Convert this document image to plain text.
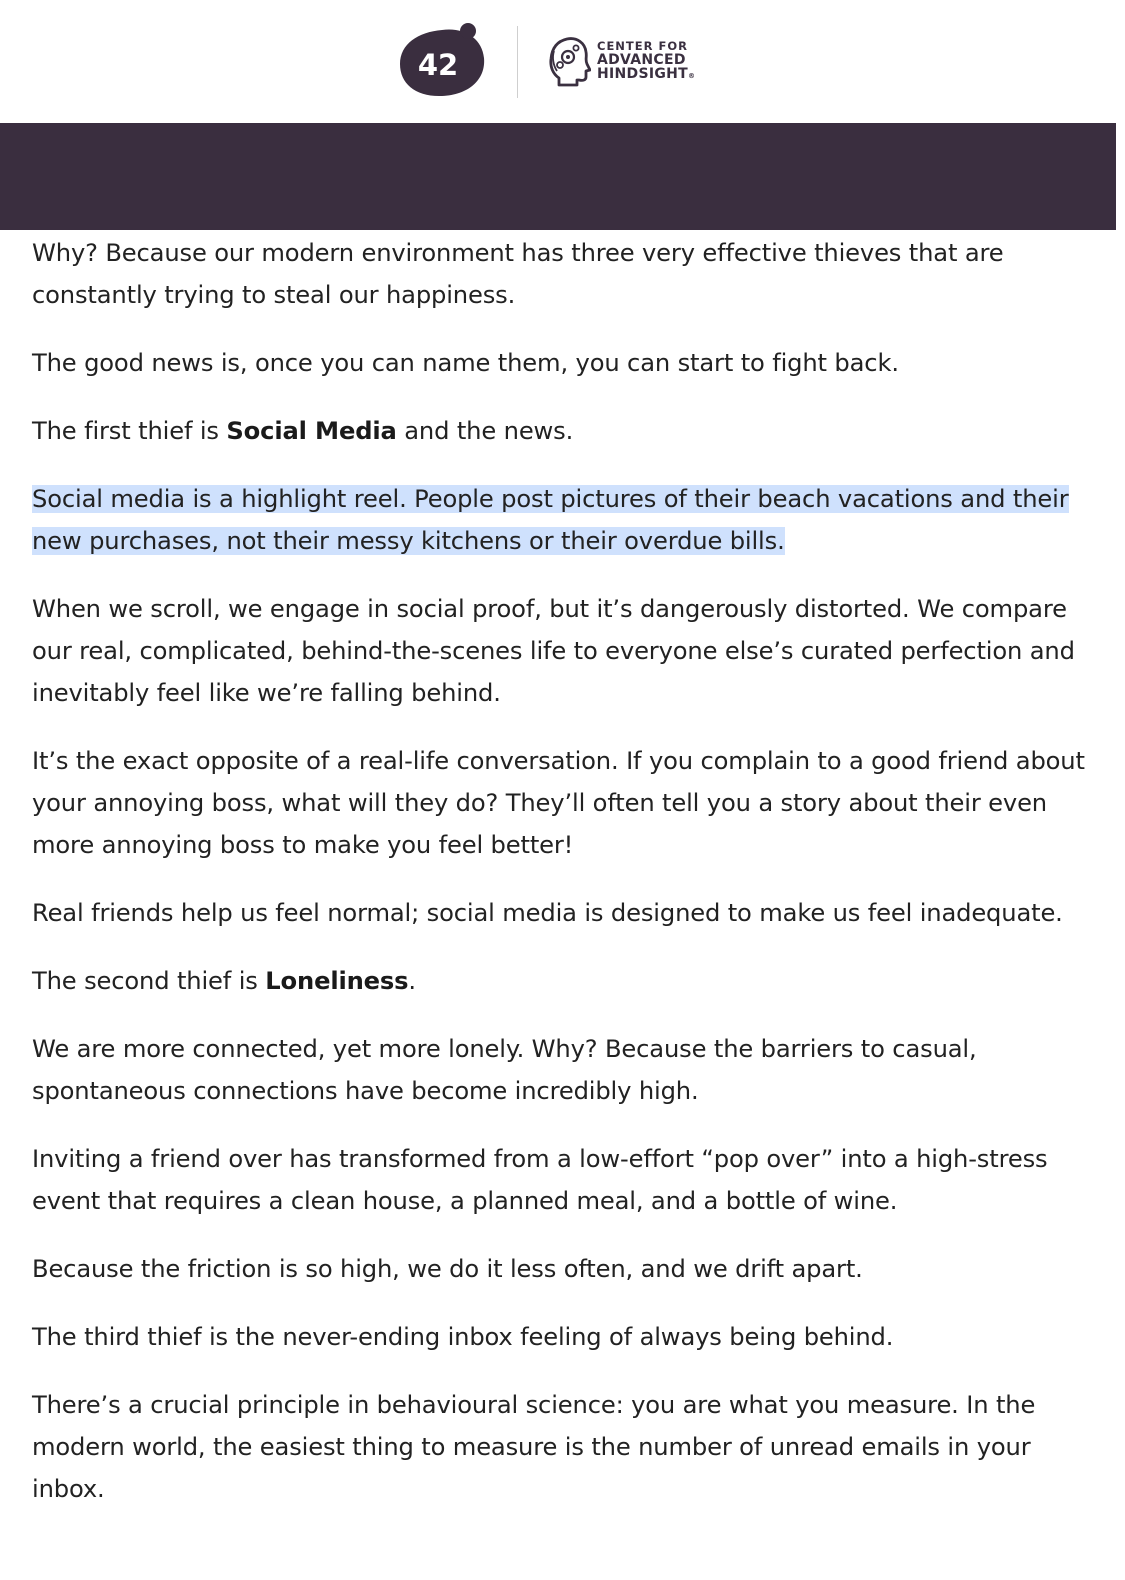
42
CENTER FOR
ADVANCED
HINDSIGHT®

Why? Because our modern environment has three very effective thieves that are constantly trying to steal our happiness.

The good news is, once you can name them, you can start to fight back.

The first thief is Social Media and the news.

Social media is a highlight reel. People post pictures of their beach vacations and their new purchases, not their messy kitchens or their overdue bills.

When we scroll, we engage in social proof, but it’s dangerously distorted. We compare our real, complicated, behind-the-scenes life to everyone else’s curated perfection and inevitably feel like we’re falling behind.

It’s the exact opposite of a real-life conversation. If you complain to a good friend about your annoying boss, what will they do? They’ll often tell you a story about their even more annoying boss to make you feel better!

Real friends help us feel normal; social media is designed to make us feel inadequate.

The second thief is Loneliness.

We are more connected, yet more lonely. Why? Because the barriers to casual, spontaneous connections have become incredibly high.

Inviting a friend over has transformed from a low-effort “pop over” into a high-stress event that requires a clean house, a planned meal, and a bottle of wine.

Because the friction is so high, we do it less often, and we drift apart.

The third thief is the never-ending inbox feeling of always being behind.

There’s a crucial principle in behavioural science: you are what you measure. In the modern world, the easiest thing to measure is the number of unread emails in your inbox.
